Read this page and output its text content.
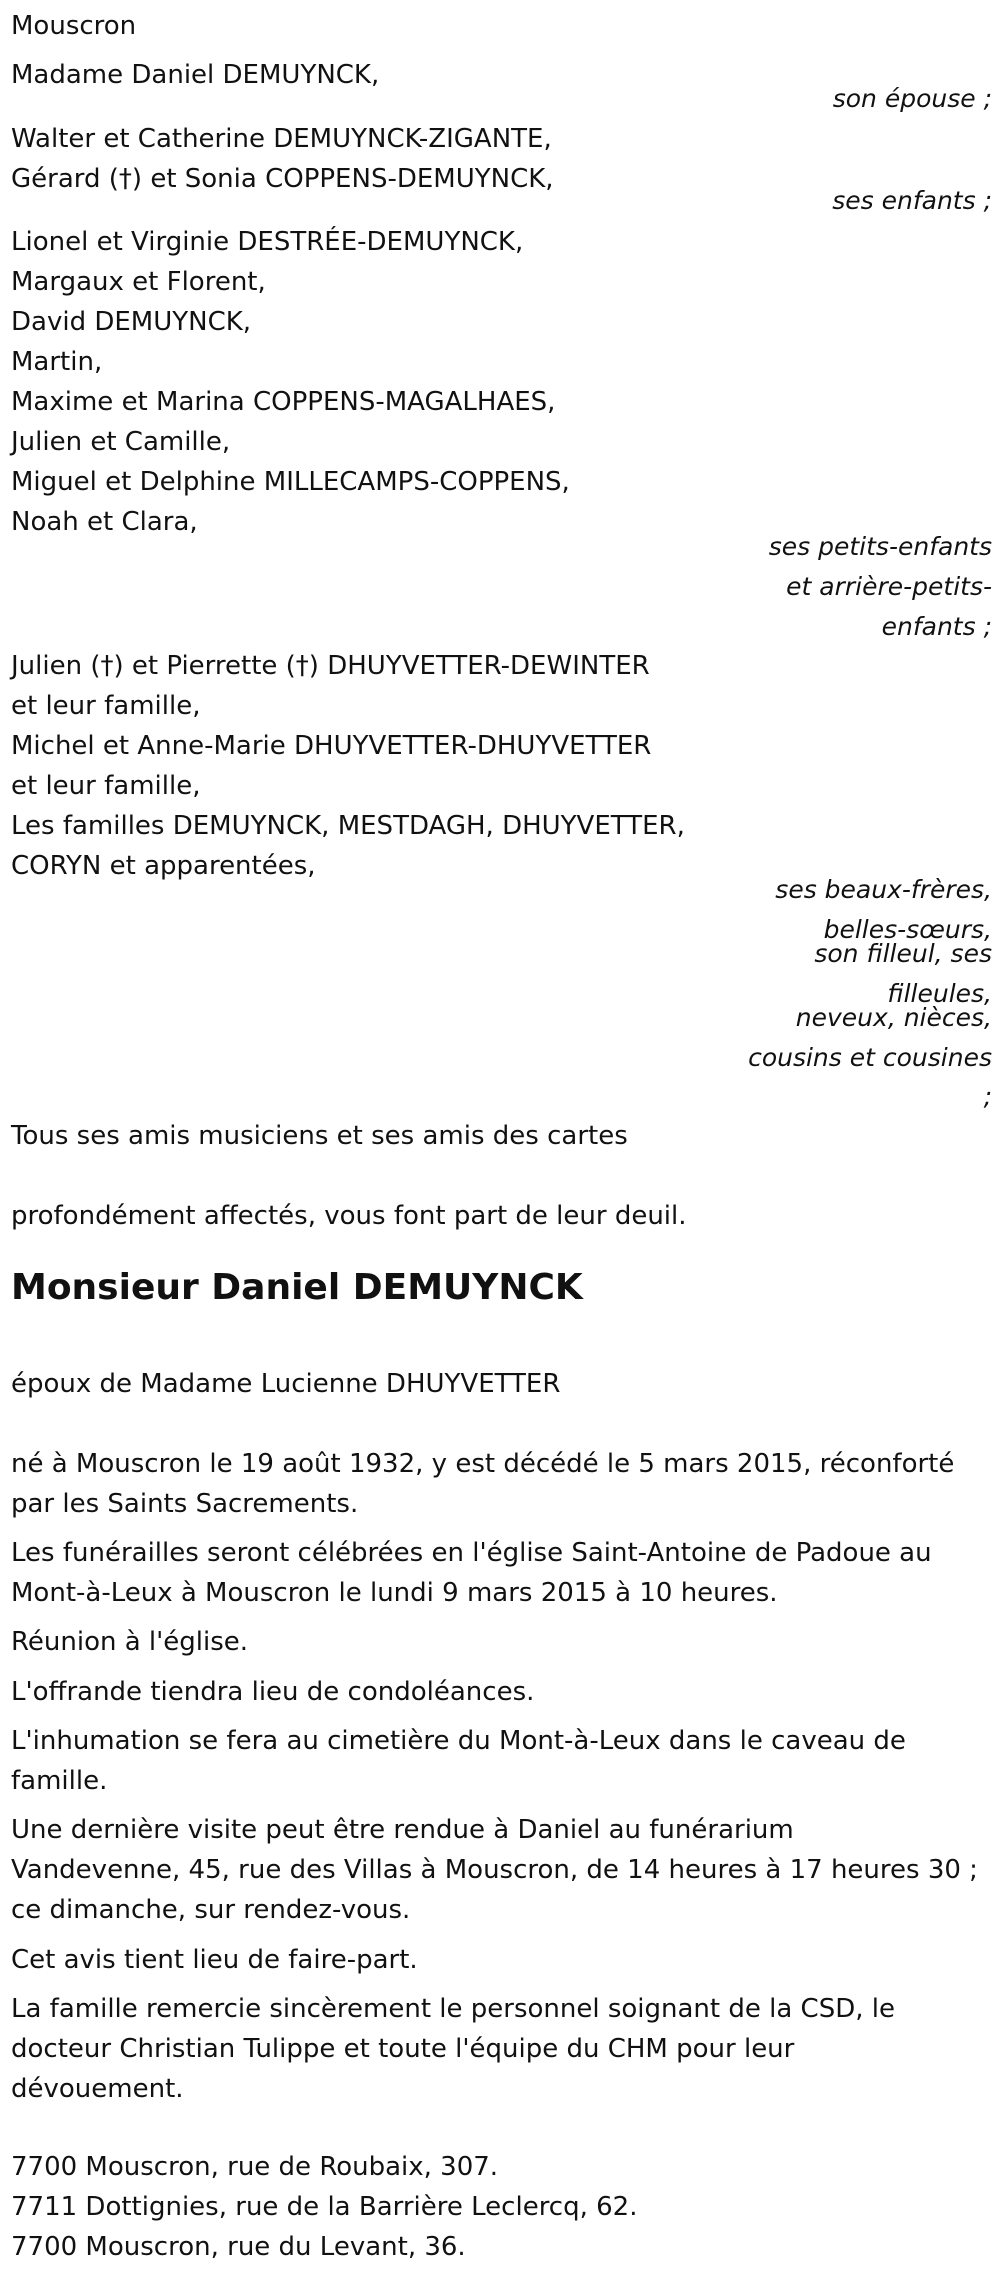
Mouscron
Madame Daniel DEMUYNCK,
son épouse ;
Walter et Catherine DEMUYNCK-ZIGANTE,
Gérard (†) et Sonia COPPENS-DEMUYNCK,
ses enfants ;
Lionel et Virginie DESTRÉE-DEMUYNCK,
Margaux et Florent,
David DEMUYNCK,
Martin,
Maxime et Marina COPPENS-MAGALHAES,
Julien et Camille,
Miguel et Delphine MILLECAMPS-COPPENS,
Noah et Clara,
ses petits-enfants
et arrière-petits-
enfants ;
Julien (†) et Pierrette (†) DHUYVETTER-DEWINTER
et leur famille,
Michel et Anne-Marie DHUYVETTER-DHUYVETTER
et leur famille,
Les familles DEMUYNCK, MESTDAGH, DHUYVETTER,
CORYN et apparentées,
ses beaux-frères,
belles-sœurs,
son filleul, ses
filleules,
neveux, nièces,
cousins et cousines
;
Tous ses amis musiciens et ses amis des cartes
profondément affectés, vous font part de leur deuil.
Monsieur Daniel DEMUYNCK
époux de Madame Lucienne DHUYVETTER
né à Mouscron le 19 août 1932, y est décédé le 5 mars 2015, réconforté
par les Saints Sacrements.
Les funérailles seront célébrées en l'église Saint-Antoine de Padoue au
Mont-à-Leux à Mouscron le lundi 9 mars 2015 à 10 heures.
Réunion à l'église.
L'offrande tiendra lieu de condoléances.
L'inhumation se fera au cimetière du Mont-à-Leux dans le caveau de
famille.
Une dernière visite peut être rendue à Daniel au funérarium
Vandevenne, 45, rue des Villas à Mouscron, de 14 heures à 17 heures 30 ;
ce dimanche, sur rendez-vous.
Cet avis tient lieu de faire-part.
La famille remercie sincèrement le personnel soignant de la CSD, le
docteur Christian Tulippe et toute l'équipe du CHM pour leur
dévouement.
7700 Mouscron, rue de Roubaix, 307.
7711 Dottignies, rue de la Barrière Leclercq, 62.
7700 Mouscron, rue du Levant, 36.
